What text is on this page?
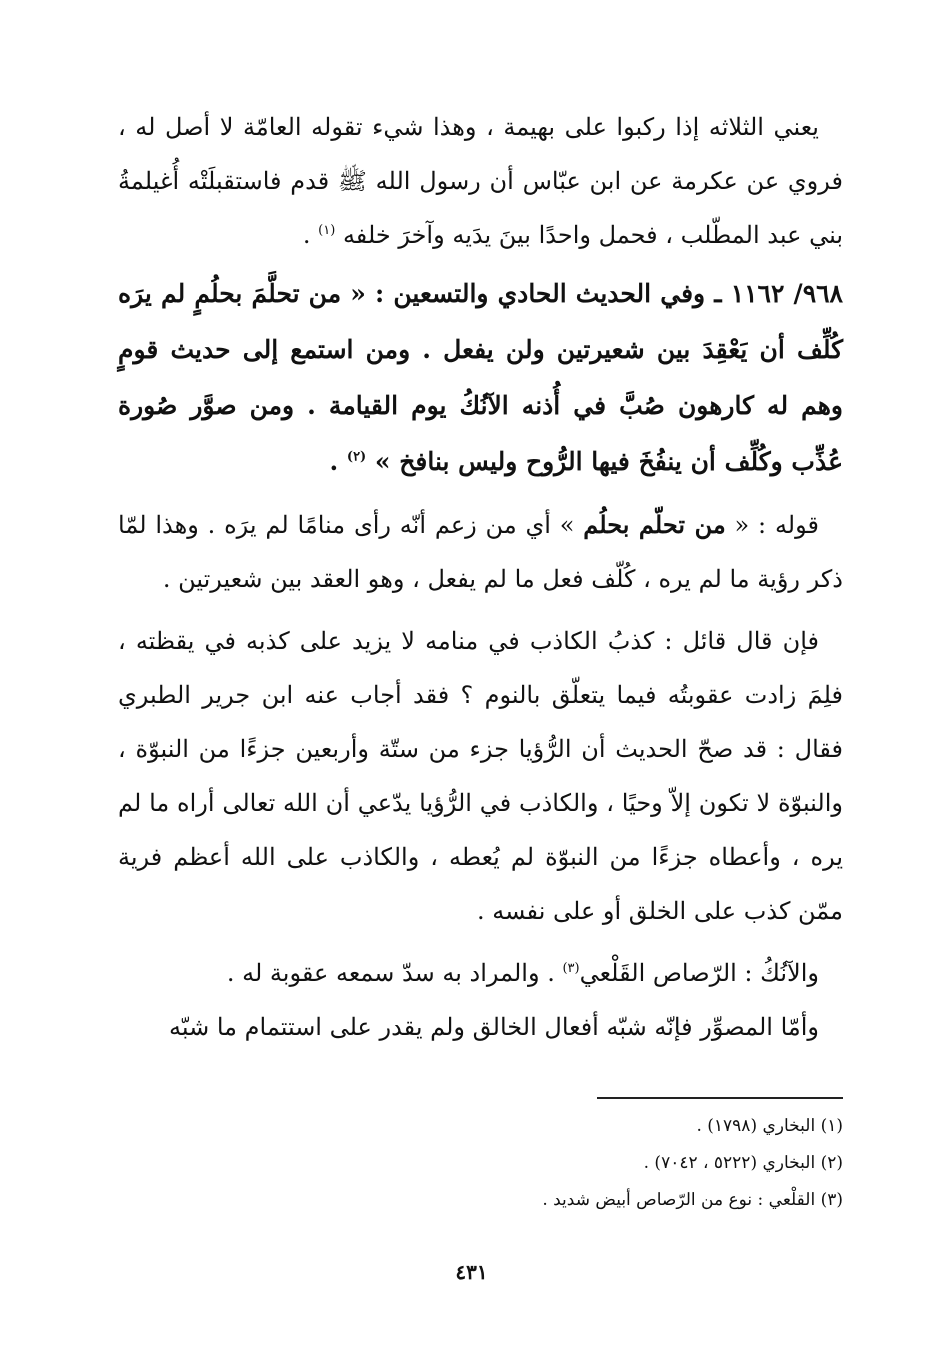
يعني الثلاثه إذا ركبوا على بهيمة ، وهذا شيء تقوله العامّة لا أصل له ، فروي عن عكرمة عن ابن عبّاس أن رسول الله ﷺ قدم فاستقبلَتْه أُغيلمةُ بني عبد المطّلب ، فحمل واحدًا بينَ يدَيه وآخرَ خلفه $^{(١)}$ .

٩٦٨/ ١١٦٢ ـ وفي الحديث الحادي والتسعين : « من تحلَّمَ بحلُمٍ لم يرَه كُلِّف أن يَعْقِدَ بين شعيرتين ولن يفعل . ومن استمع إلى حديث قومٍ وهم له كارهون صُبَّ في أُذنه الآنُكُ يوم القيامة . ومن صوَّر صُورة عُذِّب وكُلِّف أن ينفُخَ فيها الرُّوح وليس بنافخ » $^{(٢)}$ .

قوله : « من تحلّم بحلُم » أي من زعم أنّه رأى منامًا لم يرَه . وهذا لمّا ذكر رؤية ما لم يره ، كُلّف فعل ما لم يفعل ، وهو العقد بين شعيرتين .

فإن قال قائل : كذبُ الكاذب في منامه لا يزيد على كذبه في يقظته ، فلِمَ زادت عقوبتُه فيما يتعلّق بالنوم ؟ فقد أجاب عنه ابن جرير الطبري فقال : قد صحّ الحديث أن الرُّؤيا جزء من ستّة وأربعين جزءًا من النبوّة ، والنبوّة لا تكون إلاّ وحيًا ، والكاذب في الرُّؤيا يدّعي أن الله تعالى أراه ما لم يره ، وأعطاه جزءًا من النبوّة لم يُعطه ، والكاذب على الله أعظم فرية ممّن كذب على الخلق أو على نفسه .

والآنُكُ : الرّصاص القَلْعي$^{(٣)}$ . والمراد به سدّ سمعه عقوبة له .

وأمّا المصوِّر فإنّه شبّه أفعال الخالق ولم يقدر على استتمام ما شبّه

(١) البخاري (١٧٩٨) .

(٢) البخاري (٥٢٢٢ ، ٧٠٤٢) .

(٣) القلْعي : نوع من الرّصاص أبيض شديد .

٤٣١
